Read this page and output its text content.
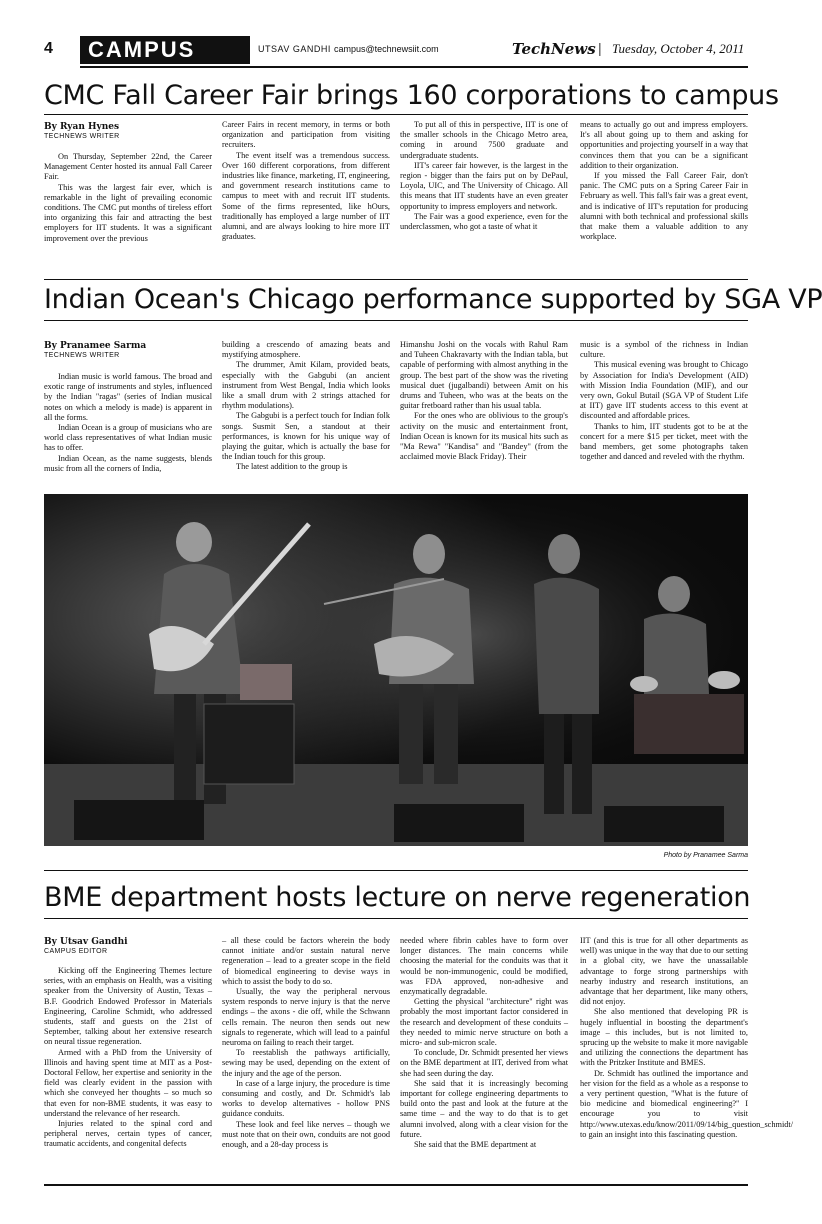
4	CAMPUS	UTSAV GANDHI campus@technewsiit.com	TechNews | Tuesday, October 4, 2011
CMC Fall Career Fair brings 160 corporations to campus
By Ryan Hynes
TECHNEWS WRITER

On Thursday, September 22nd, the Career Management Center hosted its annual Fall Career Fair.

This was the largest fair ever, which is remarkable in the light of prevailing economic conditions. The CMC put months of tireless effort into organizing this fair and attracting the best employers for IIT students. It was a significant improvement over the previous

Career Fairs in recent memory, in terms or both organization and participation from visiting recruiters.

The event itself was a tremendous success. Over 160 different corporations, from different industries like finance, marketing, IT, engineering, and government research institutions came to campus to meet with and recruit IIT students. Some of the firms represented, like hOurs, traditionally has employed a large number of IIT alumni, and are always looking to hire more IIT graduates.

To put all of this in perspective, IIT is one of the smaller schools in the Chicago Metro area, coming in around 7500 graduate and undergraduate students.

IIT's career fair however, is the largest in the region - bigger than the fairs put on by DePaul, Loyola, UIC, and The University of Chicago. All this means that IIT students have an even greater opportunity to impress employers and network.

The Fair was a good experience, even for the underclassmen, who got a taste of what it

means to actually go out and impress employers. It's all about going up to them and asking for opportunities and projecting yourself in a way that convinces them that you can be a significant addition to their organization.

If you missed the Fall Career Fair, don't panic. The CMC puts on a Spring Career Fair in February as well. This fall's fair was a great event, and is indicative of IIT's reputation for producing alumni with both technical and professional skills that make them a valuable addition to any workplace.

Indian Ocean's Chicago performance supported by SGA VP
By Pranamee Sarma
TECHNEWS WRITER

Indian music is world famous. The broad and exotic range of instruments and styles, influenced by the Indian "ragas" (series of Indian musical notes on which a melody is made) is apparent in all the forms.

Indian Ocean is a group of musicians who are world class representatives of what Indian music has to offer.

Indian Ocean, as the name suggests, blends music from all the corners of India,

building a crescendo of amazing beats and mystifying atmosphere.

The drummer, Amit Kilam, provided beats, especially with the Gabgubi (an ancient instrument from West Bengal, India which looks like a small drum with 2 strings attached for rhythm modulations).

The Gabgubi is a perfect touch for Indian folk songs. Susmit Sen, a standout at their performances, is known for his unique way of playing the guitar, which is actually the base for the Indian touch for this group.

The latest addition to the group is

Himanshu Joshi on the vocals with Rahul Ram and Tuheen Chakravarty with the Indian tabla, but capable of performing with almost anything in the group. The best part of the show was the riveting musical duet (jugalbandi) between Amit on his drums and Tuheen, who was at the beats on the guitar fretboard rather than his usual tabla.

For the ones who are oblivious to the group's activity on the music and entertainment front, Indian Ocean is known for its musical hits such as "Ma Rewa" "Kandisa" and "Bandey" (from the acclaimed movie Black Friday). Their

music is a symbol of the richness in Indian culture.

This musical evening was brought to Chicago by Association for India's Development (AID) with Mission India Foundation (MIF), and our very own, Gokul Butail (SGA VP of Student Life at IIT) gave IIT students access to this event at discounted and affordable prices.

Thanks to him, IIT students got to be at the concert for a mere $15 per ticket, meet with the band members, get some photographs taken together and danced and reveled with the rhythm.

Photo by Pranamee Sarma
BME department hosts lecture on nerve regeneration
By Utsav Gandhi
CAMPUS EDITOR

Kicking off the Engineering Themes lecture series, with an emphasis on Health, was a visiting speaker from the University of Austin, Texas – B.F. Goodrich Endowed Professor in Materials Engineering, Caroline Schmidt, who addressed students, staff and guests on the 21st of September, talking about her extensive research on neural tissue regeneration.

Armed with a PhD from the University of Illinois and having spent time at MIT as a Post-Doctoral Fellow, her expertise and seniority in the field was clearly evident in the passion with which she conveyed her thoughts – so much so that even for non-BME students, it was easy to understand the relevance of her research.

Injuries related to the spinal cord and peripheral nerves, certain types of cancer, traumatic accidents, and congenital defects

– all these could be factors wherein the body cannot initiate and/or sustain natural nerve regeneration – lead to a greater scope in the field of biomedical engineering to devise ways in which to assist the body to do so.

Usually, the way the peripheral nervous system responds to nerve injury is that the nerve endings – the axons - die off, while the Schwann cells remain. The neuron then sends out new signals to regenerate, which will lead to a painful neuroma on failing to reach their target.

To reestablish the pathways artificially, sewing may be used, depending on the extent of the injury and the age of the person.

In case of a large injury, the procedure is time consuming and costly, and Dr. Schmidt's lab works to develop alternatives - hollow PNS guidance conduits.

These look and feel like nerves – though we must note that on their own, conduits are not good enough, and a 28-day process is

needed where fibrin cables have to form over longer distances. The main concerns while choosing the material for the conduits was that it would be non-immunogenic, could be modified, was FDA approved, non-adhesive and enzymatically degradable.

Getting the physical "architecture" right was probably the most important factor considered in the research and development of these conduits – they needed to mimic nerve structure on both a micro- and sub-micron scale.

To conclude, Dr. Schmidt presented her views on the BME department at IIT, derived from what she had seen during the day.

She said that it is increasingly becoming important for college engineering departments to build onto the past and look at the future at the same time – and the way to do that is to get alumni involved, along with a clear vision for the future.

She said that the BME department at

IIT (and this is true for all other departments as well) was unique in the way that due to our setting in a global city, we have the unassailable advantage to forge strong partnerships with nearby industry and research institutions, an advantage that her department, like many others, did not enjoy.

She also mentioned that developing PR is hugely influential in boosting the department's image – this includes, but is not limited to, sprucing up the website to make it more navigable and utilizing the connections the department has with the Pritzker Institute and BMES.

Dr. Schmidt has outlined the importance and her vision for the field as a whole as a response to a very pertinent question, "What is the future of bio medicine and biomedical engineering?" I encourage you to visit http://www.utexas.edu/know/2011/09/14/big_question_schmidt/ to gain an insight into this fascinating question.
